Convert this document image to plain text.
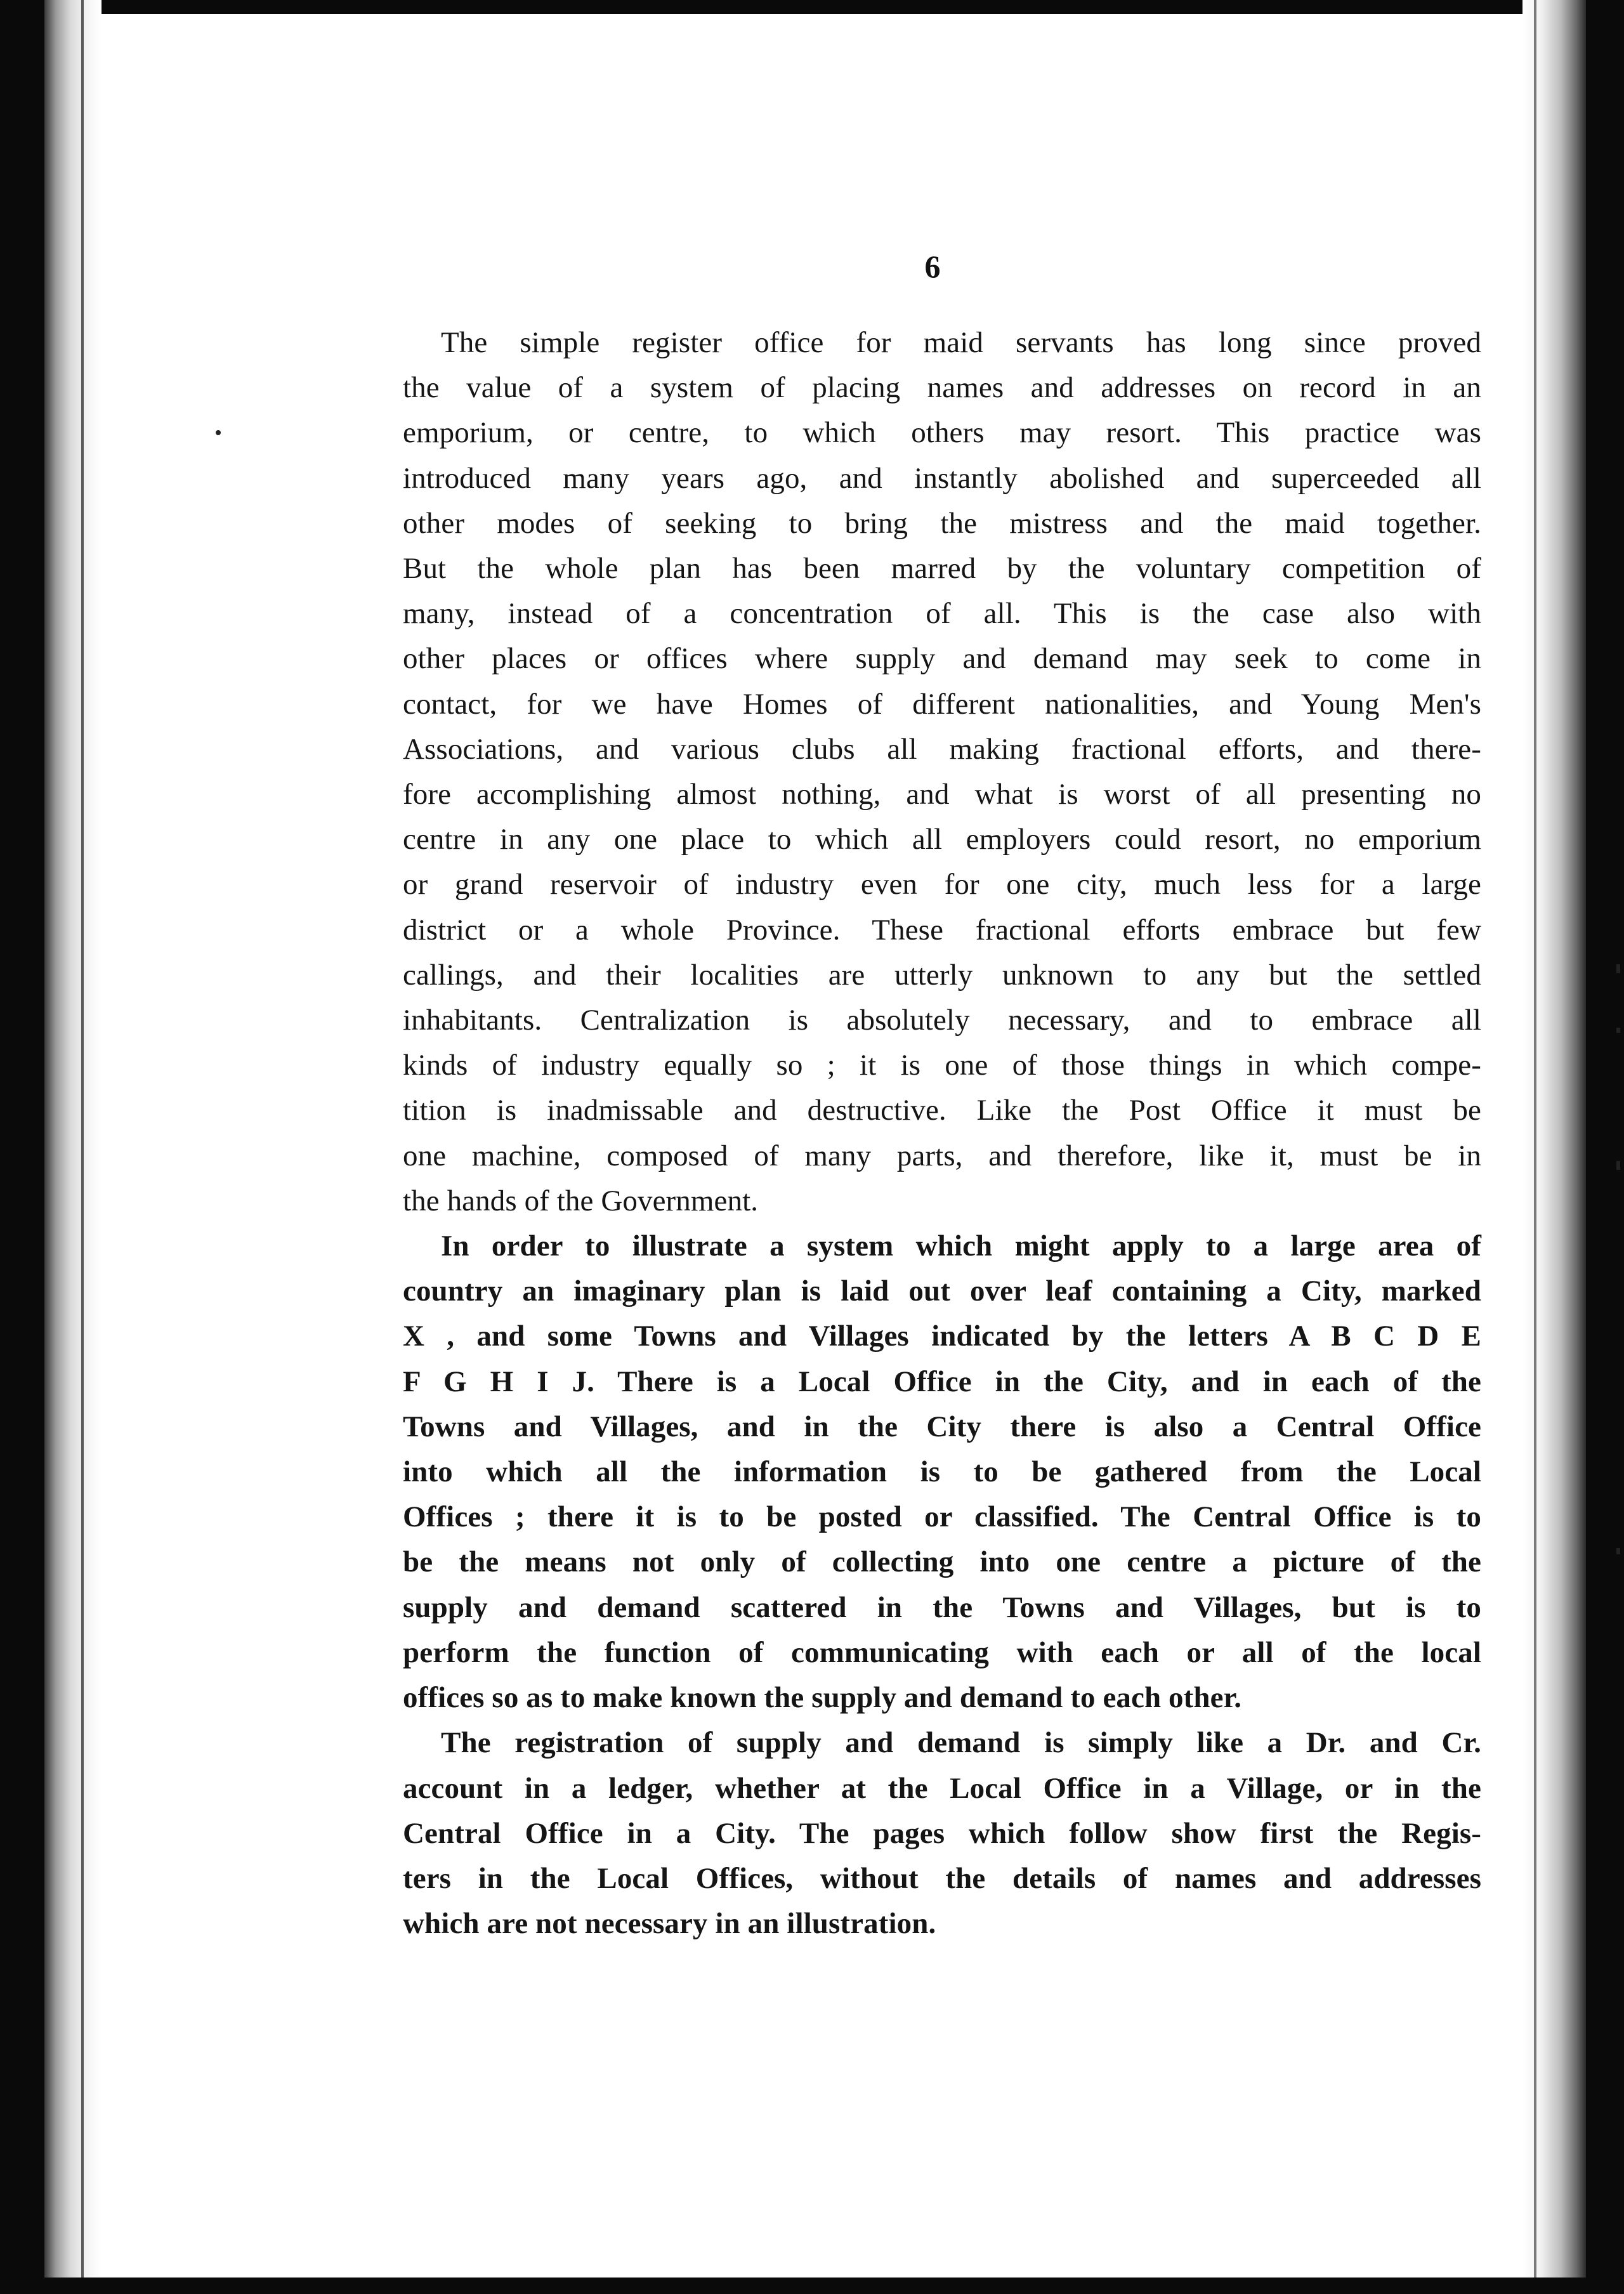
6

The simple register office for maid servants has long since proved
the value of a system of placing names and addresses on record in an
emporium, or centre, to which others may resort. This practice was
introduced many years ago, and instantly abolished and superceeded all
other modes of seeking to bring the mistress and the maid together.
But the whole plan has been marred by the voluntary competition of
many, instead of a concentration of all. This is the case also with
other places or offices where supply and demand may seek to come in
contact, for we have Homes of different nationalities, and Young Men's
Associations, and various clubs all making fractional efforts, and there-
fore accomplishing almost nothing, and what is worst of all presenting no
centre in any one place to which all employers could resort, no emporium
or grand reservoir of industry even for one city, much less for a large
district or a whole Province. These fractional efforts embrace but few
callings, and their localities are utterly unknown to any but the settled
inhabitants. Centralization is absolutely necessary, and to embrace all
kinds of industry equally so ; it is one of those things in which compe-
tition is inadmissable and destructive. Like the Post Office it must be
one machine, composed of many parts, and therefore, like it, must be in
the hands of the Government.

In order to illustrate a system which might apply to a large area of
country an imaginary plan is laid out over leaf containing a City, marked
X , and some Towns and Villages indicated by the letters A B C D E
F G H I J. There is a Local Office in the City, and in each of the
Towns and Villages, and in the City there is also a Central Office
into which all the information is to be gathered from the Local
Offices ; there it is to be posted or classified. The Central Office is to
be the means not only of collecting into one centre a picture of the
supply and demand scattered in the Towns and Villages, but is to
perform the function of communicating with each or all of the local
offices so as to make known the supply and demand to each other.

The registration of supply and demand is simply like a Dr. and Cr.
account in a ledger, whether at the Local Office in a Village, or in the
Central Office in a City. The pages which follow show first the Regis-
ters in the Local Offices, without the details of names and addresses
which are not necessary in an illustration.
